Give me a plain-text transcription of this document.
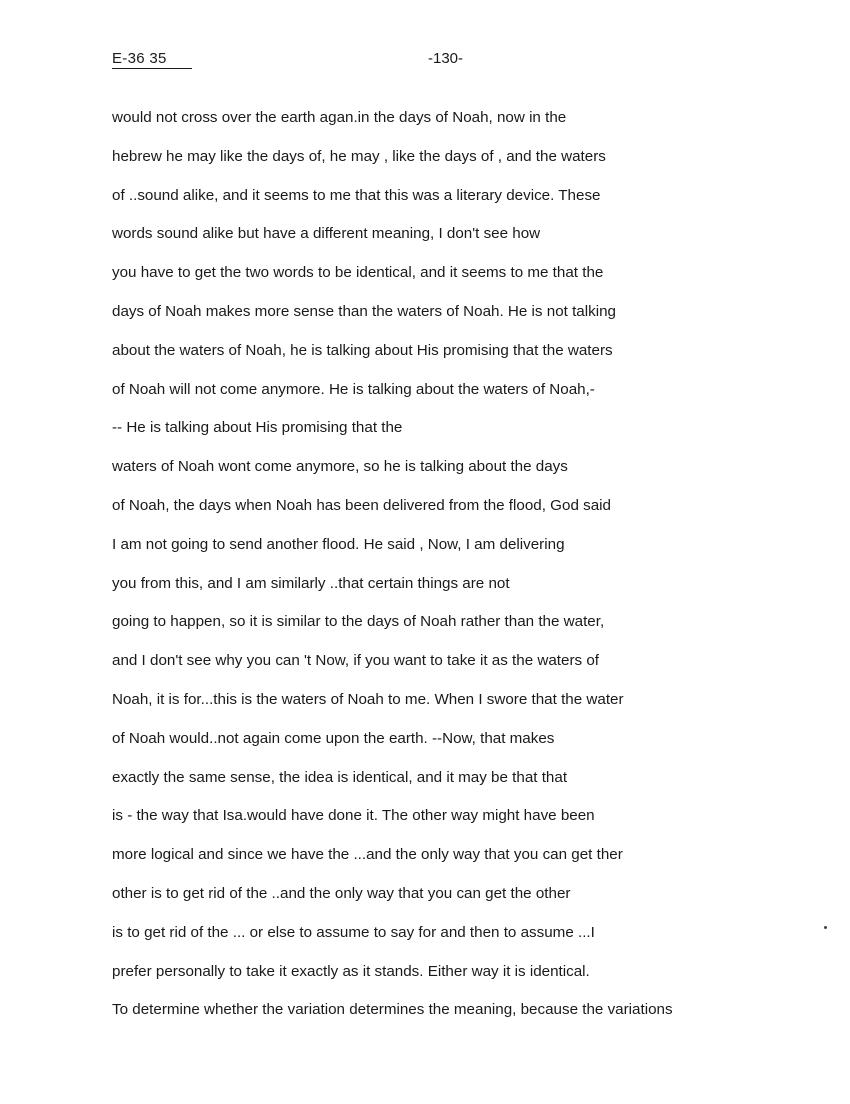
E-36 35	-130-
would not cross over the earth agan.in the days of Noah, now in the
hebrew he may like the days of, he may , like the days of , and the waters
of ..sound alike, and it seems to me that this was a literary device. These
words sound alike but have a different meaning, I don't see how
you have to get the two words to be identical, and it seems to me that the
days of Noah makes more sense than the waters of Noah. He is not talking
about the waters of Noah, he is talking about His promising that the waters
of Noah will not come anymore. He is talking about the waters of Noah,-
-- He is talking about His promising that the
waters of Noah wont come anymore, so he is talking about the days
of Noah, the days when Noah has been delivered from the flood, God said
I am not going to send another flood. He said , Now, I am delivering
you from this, and I am similarly ..that certain things are not
going to happen, so it is similar to the days of Noah rather than the water,
and I don't see why you can 't Now, if you want to take it as the waters of
Noah, it is for...this is the waters of Noah to me. When I swore that the water
of Noah would..not again come upon the earth. --Now, that makes
exactly the same sense, the idea is identical, and it may be that that
is - the way that Isa.would have done it. The other way might have been
more logical and since we have the ...and the only way that you can get ther
other is to get rid of the ..and the only way that you can get the other
is to get rid of the ... or else to assume to say for and then to assume ...I
prefer personally to take it exactly as it stands. Either way it is identical.
To determine whether the variation determines the meaning, because the variations
